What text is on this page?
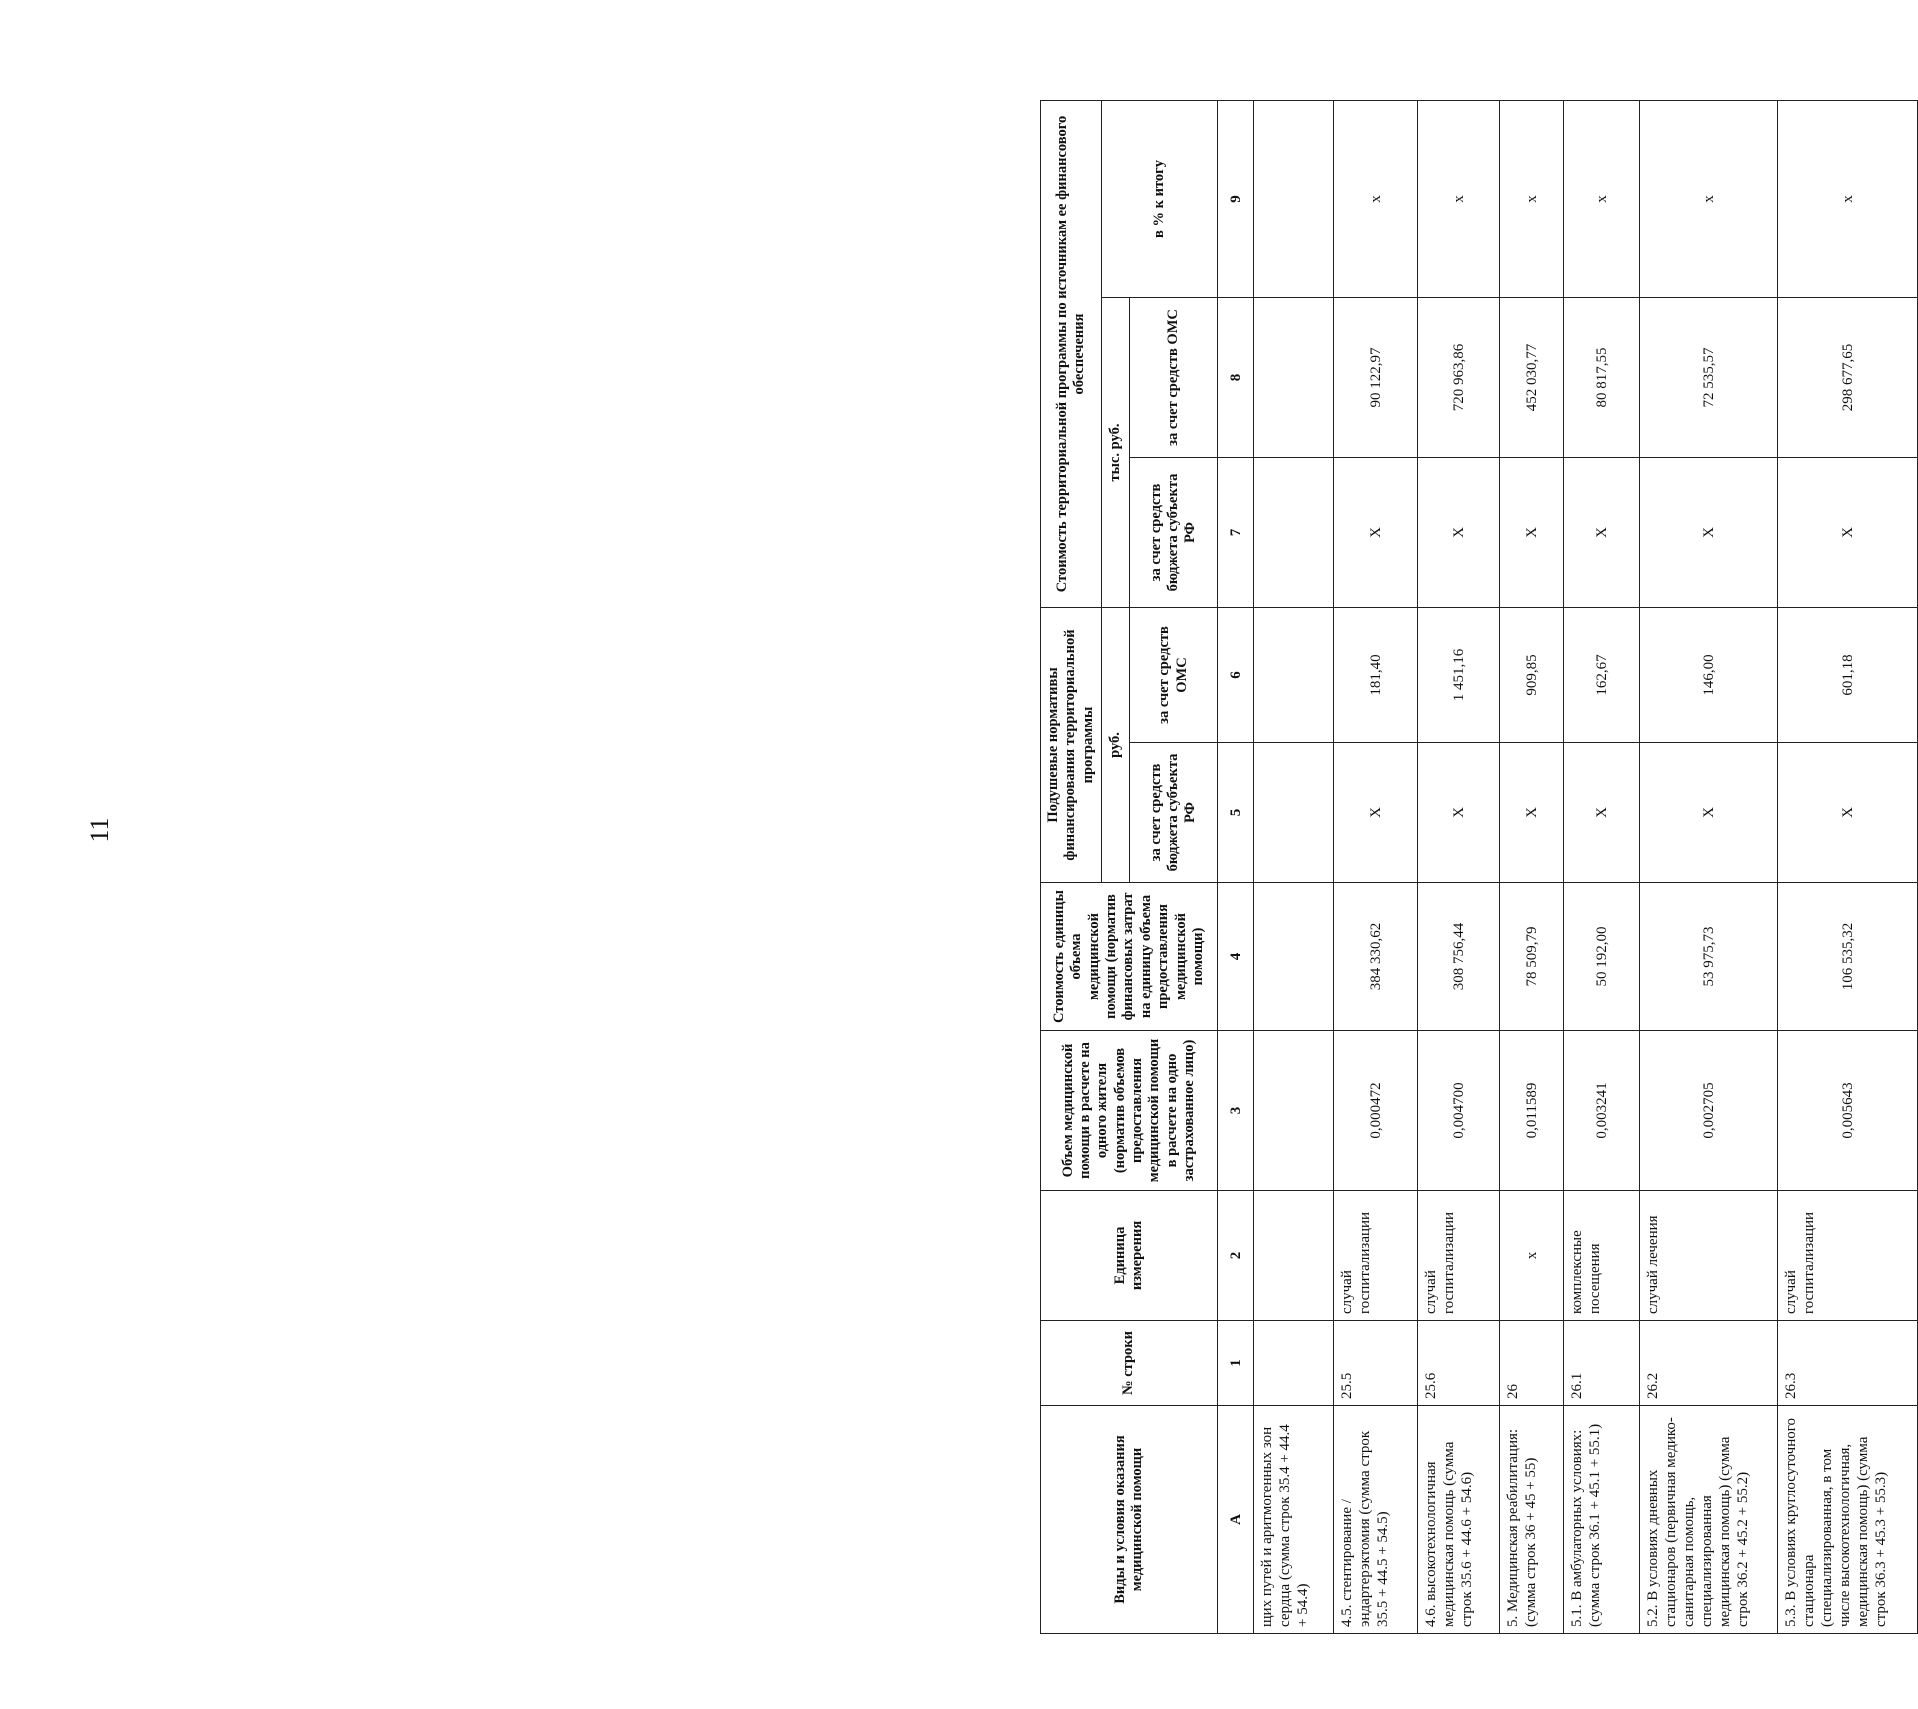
11
Виды и условия оказания медицинской помощи	№ строки	Единица измерения	Объем медицинской помощи в расчете на одного жителя (норматив объемов предоставления медицинской помощи в расчете на одно застрахованное лицо)	Стоимость единицы объема медицинской помощи (норматив финансовых затрат на единицу объема предоставления медицинской помощи)	Подушевые нормативы финансирования территориальной программы		Стоимость территориальной программы по источникам ее финансового обеспечения		
					руб.		тыс. руб.		в % к итогу
					за счет средств бюджета субъекта РФ	за счет средств ОМС	за счет средств бюджета субъекта РФ	за счет средств ОМС	
А	1	2	3	4	5	6	7	8	9
щих путей и аритмогенных зон сердца (сумма строк 35.4 + 44.4 + 54.4)									
4.5. стентирование / эндартерэктомия (сумма строк 35.5 + 44.5 + 54.5)	25.5	случай госпитализации	0,000472	384 330,62	X	181,40	X	90 122,97	x
4.6. высокотехнологичная медицинская помощь (сумма строк 35.6 + 44.6 + 54.6)	25.6	случай госпитализации	0,004700	308 756,44	X	1 451,16	X	720 963,86	x
5. Медицинская реабилитация: (сумма строк 36 + 45 + 55)	26	x	0,011589	78 509,79	X	909,85	X	452 030,77	x
5.1. В амбулаторных условиях: (сумма строк 36.1 + 45.1 + 55.1)	26.1	комплексные посещения	0,003241	50 192,00	X	162,67	X	80 817,55	x
5.2. В условиях дневных стационаров (первичная медико-санитарная помощь, специализированная медицинская помощь) (сумма строк 36.2 + 45.2 + 55.2)	26.2	случай лечения	0,002705	53 975,73	X	146,00	X	72 535,57	x
5.3. В условиях круглосуточного стационара (специализированная, в том числе высокотехнологичная, медицинская помощь) (сумма строк 36.3 + 45.3 + 55.3)	26.3	случай госпитализации	0,005643	106 535,32	X	601,18	X	298 677,65	x
